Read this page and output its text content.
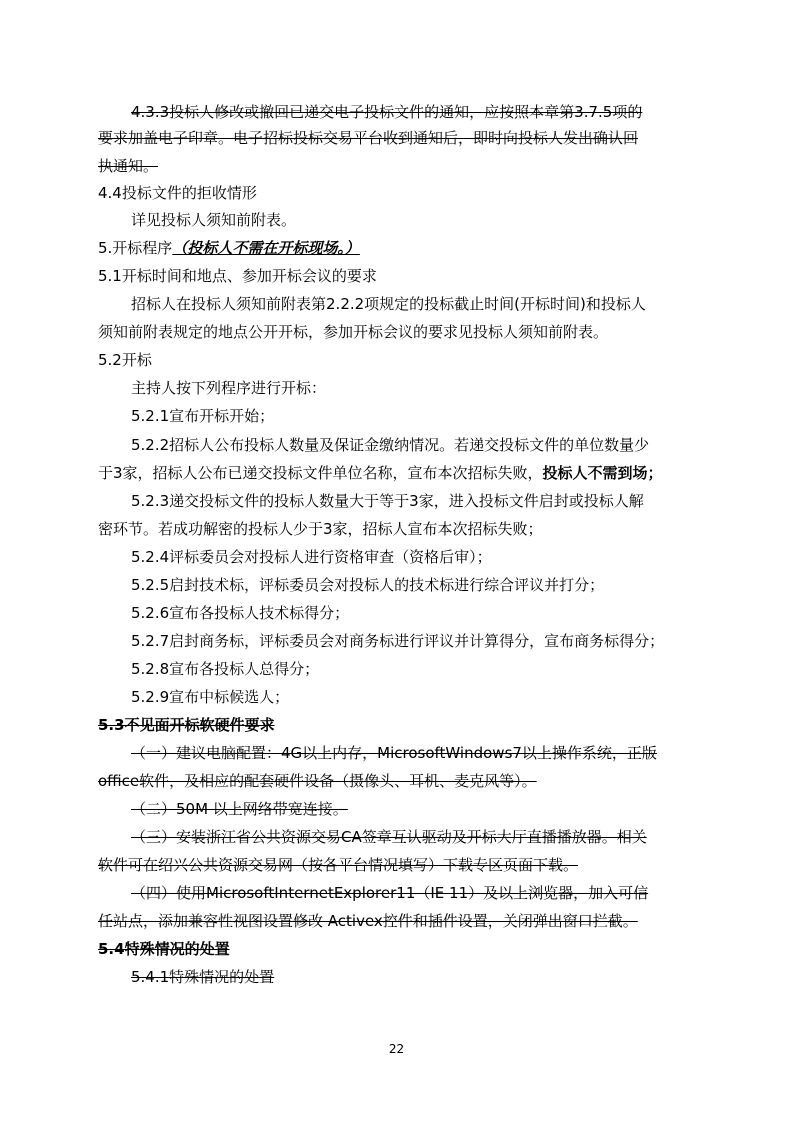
4.3.3投标人修改或撤回已递交电子投标文件的通知，应按照本章第3.7.5项的
要求加盖电子印章。电子招标投标交易平台收到通知后，即时向投标人发出确认回
执通知。
4.4投标文件的拒收情形
详见投标人须知前附表。
5.开标程序（投标人不需在开标现场。）
5.1开标时间和地点、参加开标会议的要求
招标人在投标人须知前附表第2.2.2项规定的投标截止时间(开标时间)和投标人
须知前附表规定的地点公开开标，参加开标会议的要求见投标人须知前附表。
5.2开标
主持人按下列程序进行开标：
5.2.1宣布开标开始；
5.2.2招标人公布投标人数量及保证金缴纳情况。若递交投标文件的单位数量少
于3家，招标人公布已递交投标文件单位名称，宣布本次招标失败，投标人不需到场；
5.2.3递交投标文件的投标人数量大于等于3家，进入投标文件启封或投标人解
密环节。若成功解密的投标人少于3家，招标人宣布本次招标失败；
5.2.4评标委员会对投标人进行资格审查（资格后审）；
5.2.5启封技术标，评标委员会对投标人的技术标进行综合评议并打分；
5.2.6宣布各投标人技术标得分；
5.2.7启封商务标，评标委员会对商务标进行评议并计算得分，宣布商务标得分；
5.2.8宣布各投标人总得分；
5.2.9宣布中标候选人；
5.3不见面开标软硬件要求
（一）建议电脑配置：4G以上内存，MicrosoftWindows7以上操作系统，正版
office软件，及相应的配套硬件设备（摄像头、耳机、麦克风等）。
（二）50M 以上网络带宽连接。
（三）安装浙江省公共资源交易CA签章互认驱动及开标大厅直播播放器。相关
软件可在绍兴公共资源交易网（按各平台情况填写）下载专区页面下载。
（四）使用MicrosoftInternetExplorer11（IE 11）及以上浏览器，加入可信
任站点，添加兼容性视图设置修改 Activex控件和插件设置，关闭弹出窗口拦截。
5.4特殊情况的处置
5.4.1特殊情况的处置
22
